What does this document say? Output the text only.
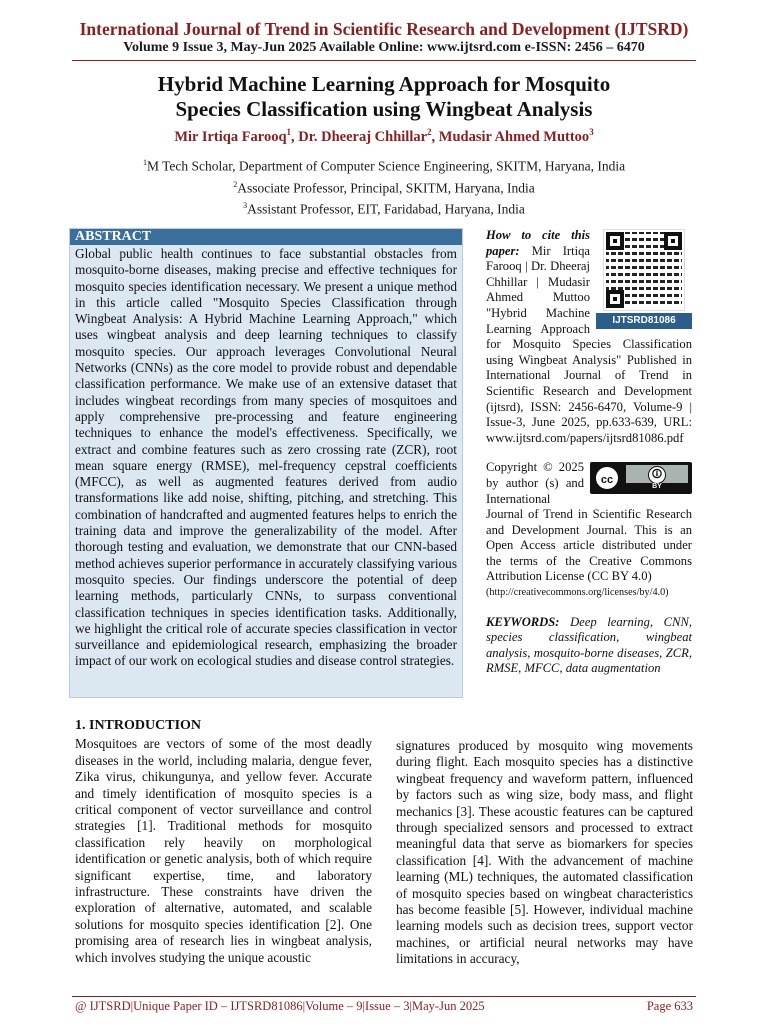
International Journal of Trend in Scientific Research and Development (IJTSRD)
Volume 9 Issue 3, May-Jun 2025 Available Online: www.ijtsrd.com e-ISSN: 2456 – 6470
Hybrid Machine Learning Approach for Mosquito
Species Classification using Wingbeat Analysis
Mir Irtiqa Farooq$^1$, Dr. Dheeraj Chhillar$^2$, Mudasir Ahmed Muttoo$^3$
$^1$M Tech Scholar, Department of Computer Science Engineering, SKITM, Haryana, India
$^2$Associate Professor, Principal, SKITM, Haryana, India
$^3$Assistant Professor, EIT, Faridabad, Haryana, India
ABSTRACT
Global public health continues to face substantial obstacles from mosquito-borne diseases, making precise and effective techniques for mosquito species identification necessary. We present a unique method in this article called "Mosquito Species Classification through Wingbeat Analysis: A Hybrid Machine Learning Approach," which uses wingbeat analysis and deep learning techniques to classify mosquito species. Our approach leverages Convolutional Neural Networks (CNNs) as the core model to provide robust and dependable classification performance. We make use of an extensive dataset that includes wingbeat recordings from many species of mosquitoes and apply comprehensive pre-processing and feature engineering techniques to enhance the model's effectiveness. Specifically, we extract and combine features such as zero crossing rate (ZCR), root mean square energy (RMSE), mel-frequency cepstral coefficients (MFCC), as well as augmented features derived from audio transformations like add noise, shifting, pitching, and stretching. This combination of handcrafted and augmented features helps to enrich the training data and improve the generalizability of the model. After thorough testing and evaluation, we demonstrate that our CNN-based method achieves superior performance in accurately classifying various mosquito species. Our findings underscore the potential of deep learning methods, particularly CNNs, to surpass conventional classification techniques in species identification tasks. Additionally, we highlight the critical role of accurate species classification in vector surveillance and epidemiological research, emphasizing the broader impact of our work on ecological studies and disease control strategies.
IJTSRD81086
How to cite this paper: Mir Irtiqa Farooq | Dr. Dheeraj Chhillar | Mudasir Ahmed Muttoo "Hybrid Machine Learning Approach for Mosquito Species Classification using Wingbeat Analysis" Published in International Journal of Trend in Scientific Research and Development (ijtsrd), ISSN: 2456-6470, Volume-9 | Issue-3, June 2025, pp.633-639, URL: www.ijtsrd.com/papers/ijtsrd81086.pdf
cc	🛈
BY
Copyright © 2025 by author (s) and International Journal of Trend in Scientific Research and Development Journal. This is an Open Access article distributed under the terms of the Creative Commons Attribution License (CC BY 4.0)
(http://creativecommons.org/licenses/by/4.0)
KEYWORDS: Deep learning, CNN, species classification, wingbeat analysis, mosquito-borne diseases, ZCR, RMSE, MFCC, data augmentation
1. INTRODUCTION
Mosquitoes are vectors of some of the most deadly diseases in the world, including malaria, dengue fever, Zika virus, chikungunya, and yellow fever. Accurate and timely identification of mosquito species is a critical component of vector surveillance and control strategies [1]. Traditional methods for mosquito classification rely heavily on morphological identification or genetic analysis, both of which require significant expertise, time, and laboratory infrastructure. These constraints have driven the exploration of alternative, automated, and scalable solutions for mosquito species identification [2]. One promising area of research lies in wingbeat analysis, which involves studying the unique acoustic
signatures produced by mosquito wing movements during flight. Each mosquito species has a distinctive wingbeat frequency and waveform pattern, influenced by factors such as wing size, body mass, and flight mechanics [3]. These acoustic features can be captured through specialized sensors and processed to extract meaningful data that serve as biomarkers for species classification [4]. With the advancement of machine learning (ML) techniques, the automated classification of mosquito species based on wingbeat characteristics has become feasible [5]. However, individual machine learning models such as decision trees, support vector machines, or artificial neural networks may have limitations in accuracy,
@ IJTSRD | Unique Paper ID – IJTSRD81086 | Volume – 9 | Issue – 3 | May-Jun 2025	Page 633
